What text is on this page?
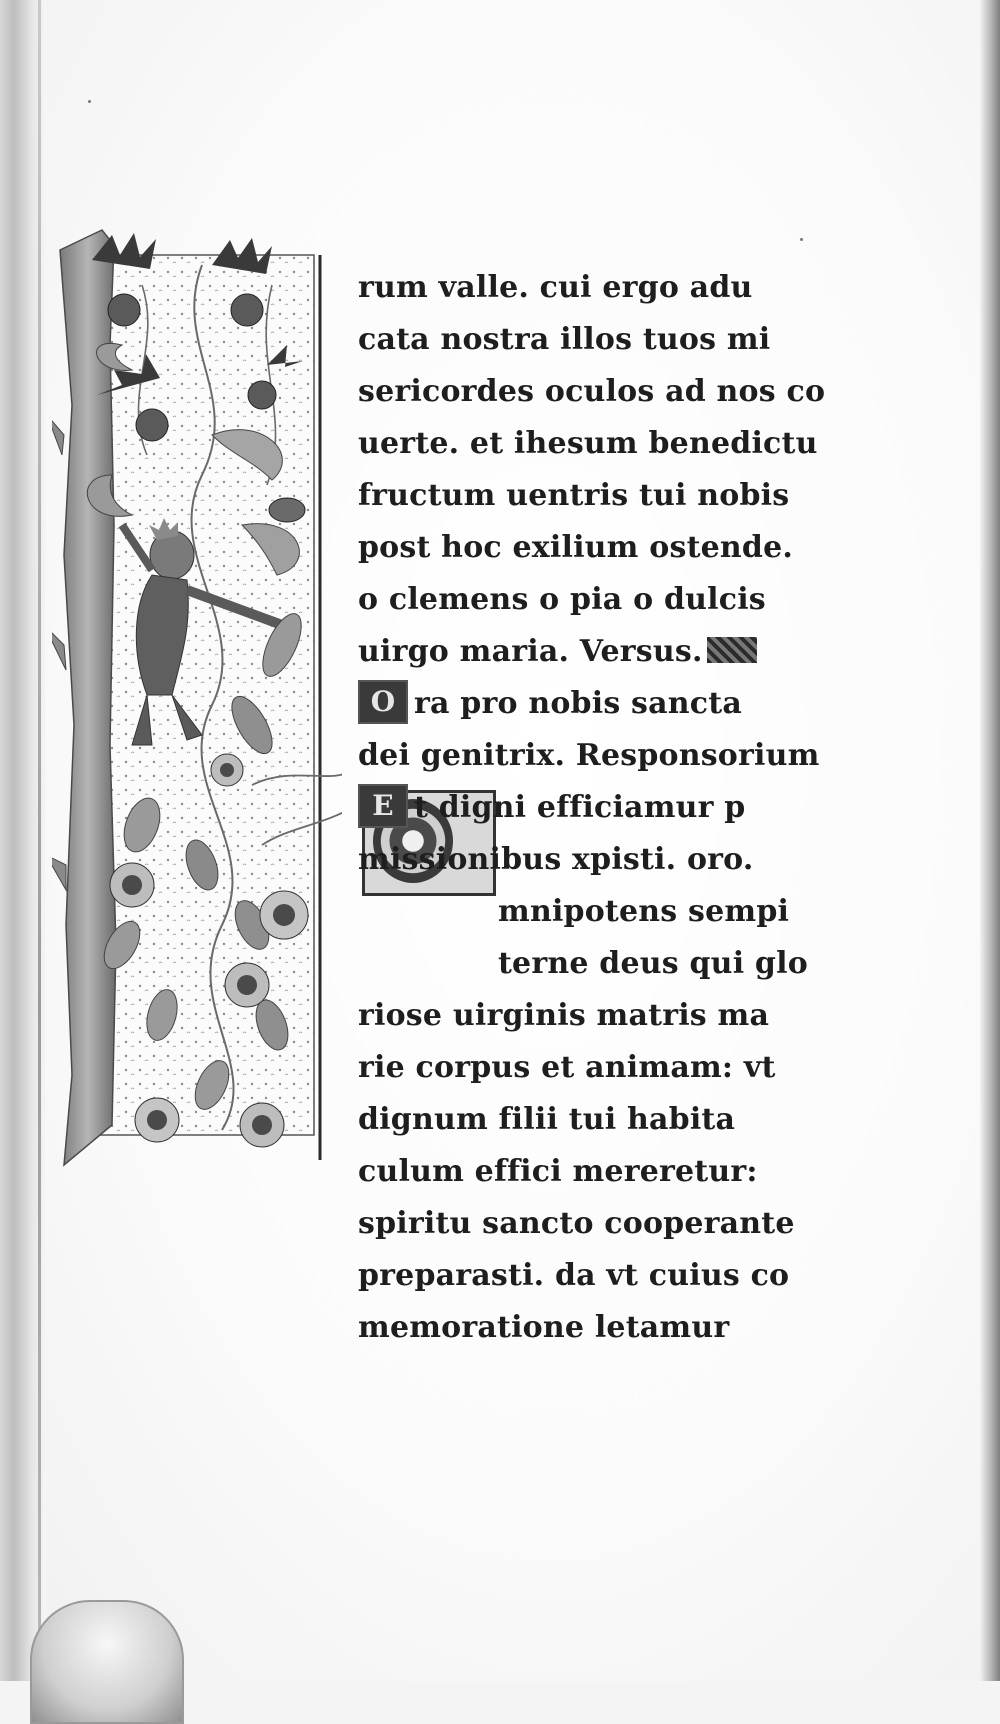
rum valle. cui ergo adu
cata nostra illos tuos mi
sericordes oculos ad nos co
uerte. et ihesum benedictu
fructum uentris tui nobis
post hoc exilium ostende.
o clemens o pia o dulcis
uirgo maria. Versus.
O ra pro nobis sancta
dei genitrix. Responsorium
E t digni efficiamur p
missionibus xpisti. oro.
mnipotens sempi
terne deus qui glo
riose uirginis matris ma
rie corpus et animam: vt
dignum filii tui habita
culum effici mereretur:
spiritu sancto cooperante
preparasti. da vt cuius co
memoratione letamur
